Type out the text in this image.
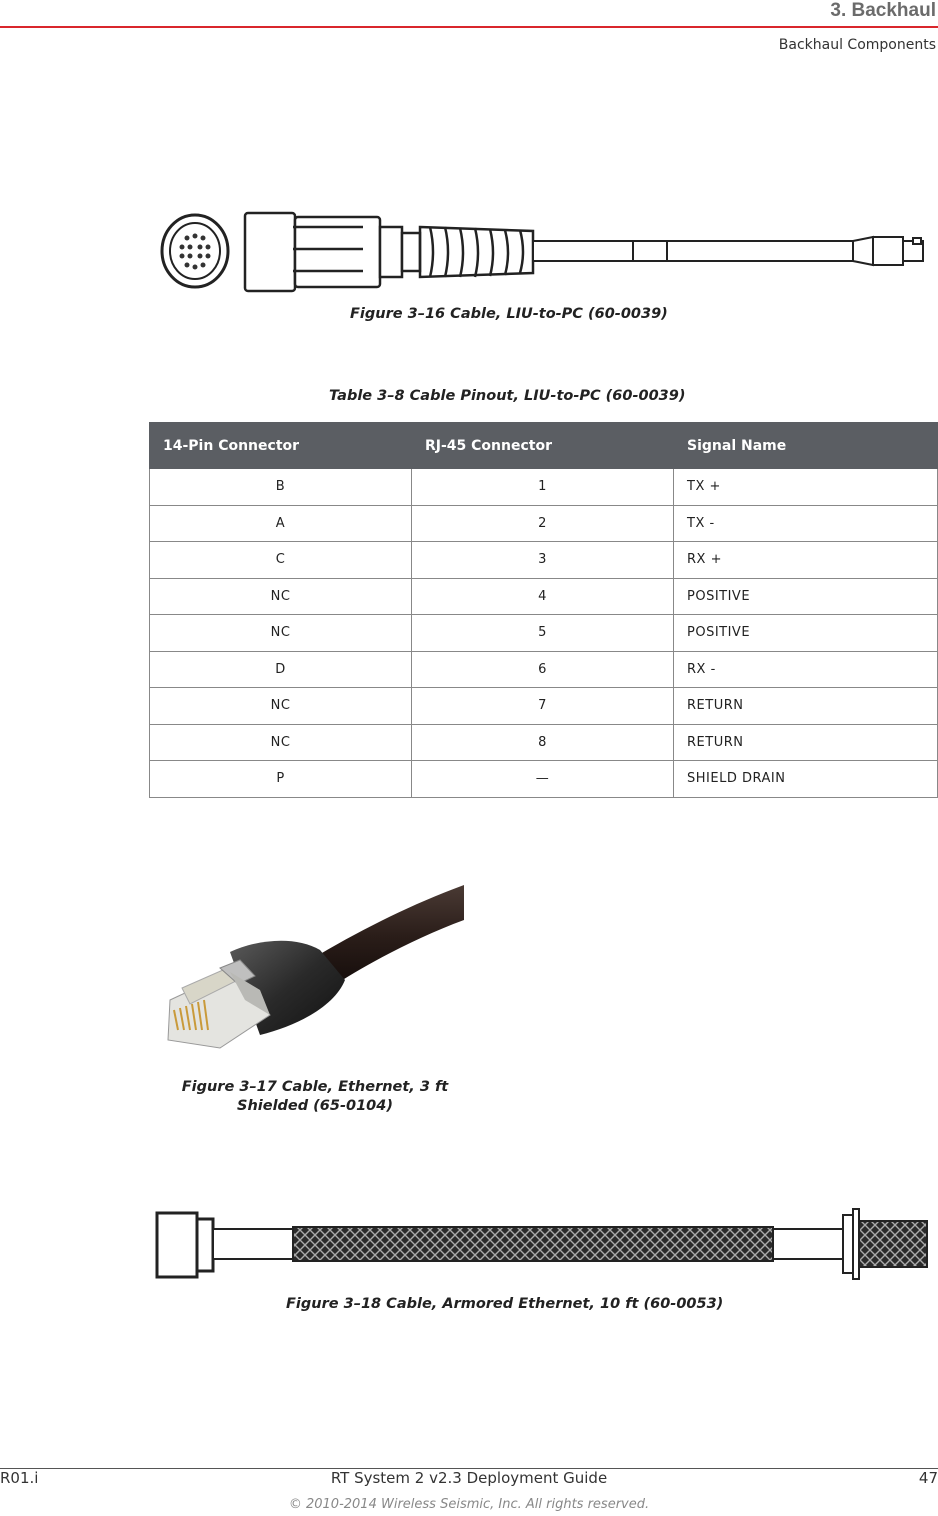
3. Backhaul
Backhaul Components
Figure 3–16 Cable, LIU-to-PC (60-0039)
Table 3–8 Cable Pinout, LIU-to-PC (60-0039)
14-Pin Connector	RJ-45 Connector	Signal Name
B	1	TX +
A	2	TX -
C	3	RX +
NC	4	POSITIVE
NC	5	POSITIVE
D	6	RX -
NC	7	RETURN
NC	8	RETURN
P	—	SHIELD DRAIN
Figure 3–17 Cable, Ethernet, 3 ft
Shielded (65-0104)
Figure 3–18 Cable, Armored Ethernet, 10 ft (60-0053)
R01.i	RT System 2 v2.3 Deployment Guide	47
© 2010-2014 Wireless Seismic, Inc. All rights reserved.
